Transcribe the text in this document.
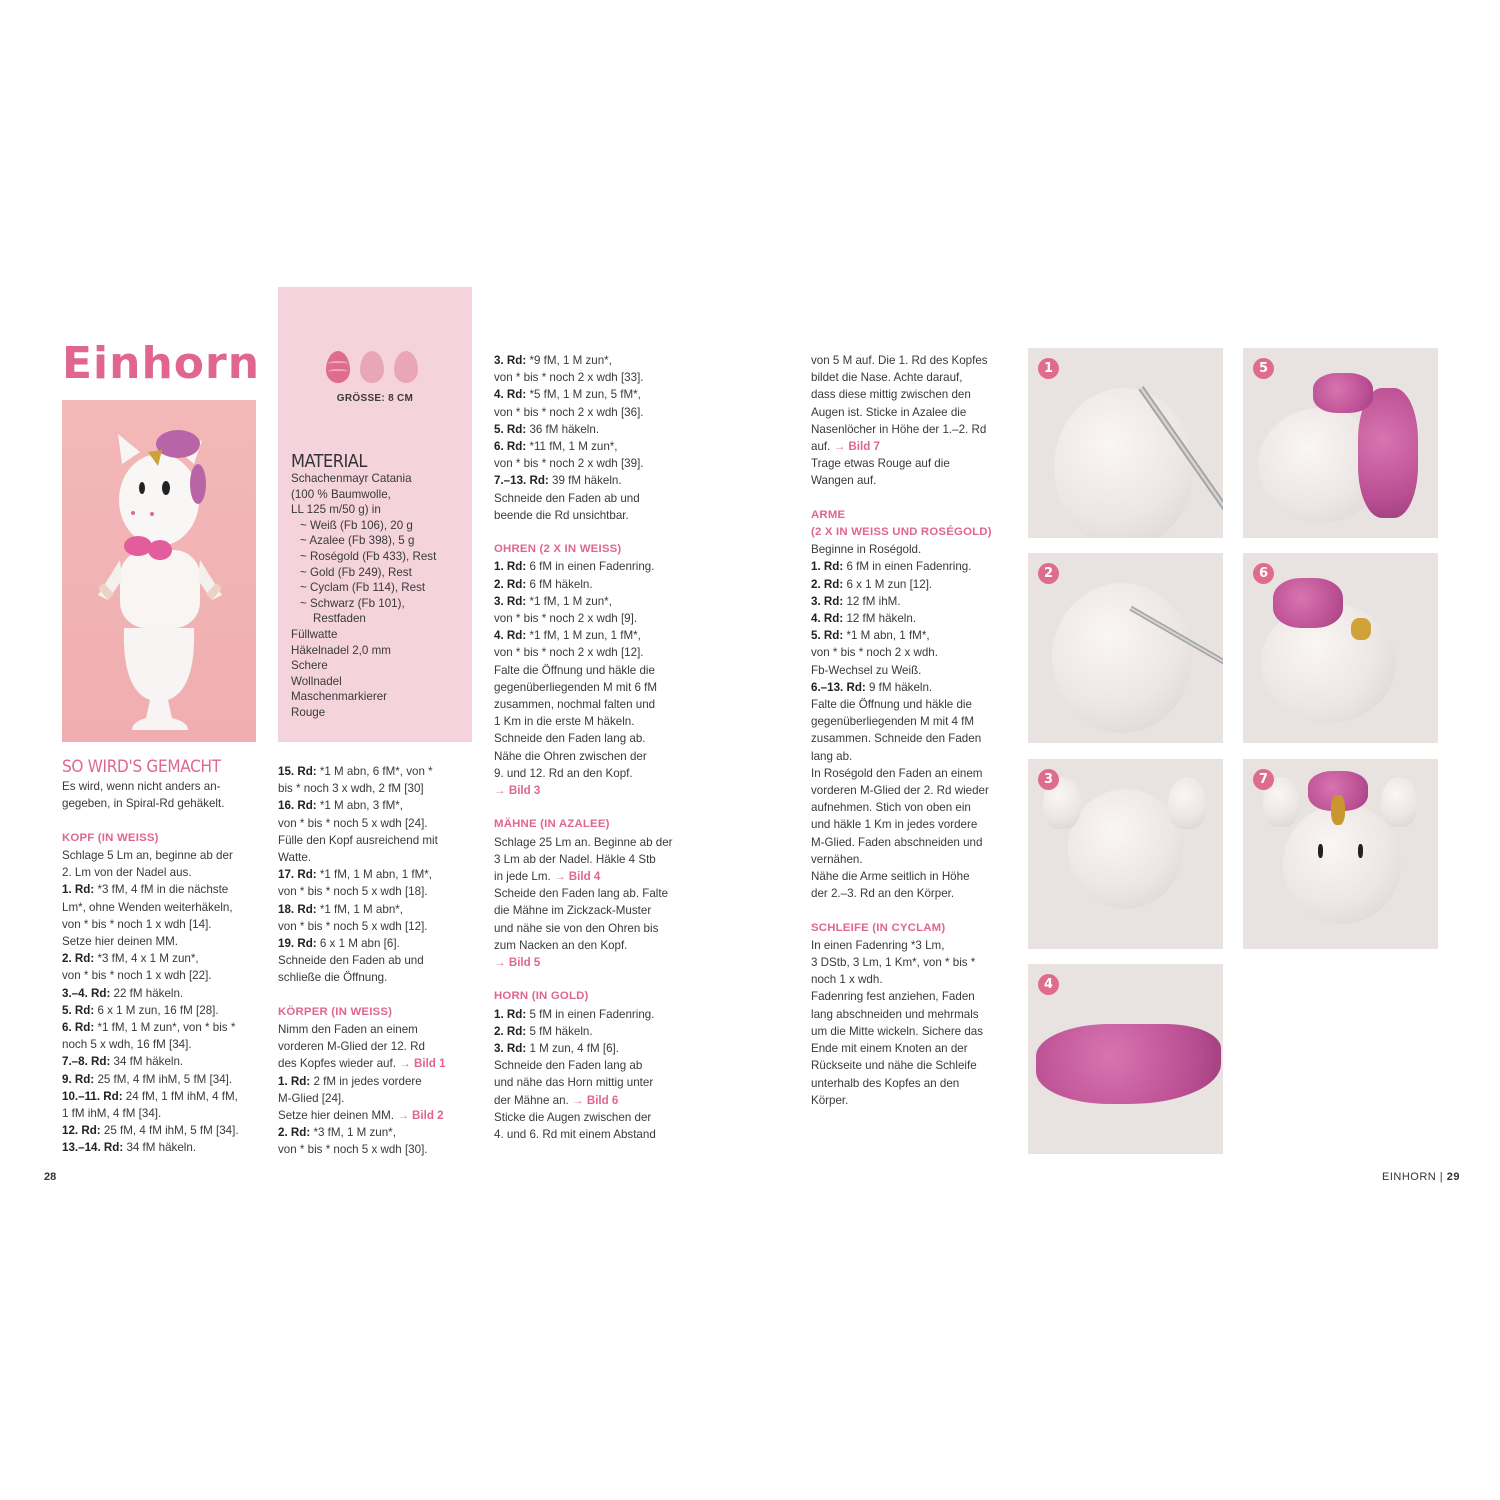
Einhorn
GRÖSSE: 8 CM
MATERIAL
Schachenmayr Catania
(100 % Baumwolle,
LL 125 m/50 g) in
~ Weiß (Fb 106), 20 g
~ Azalee (Fb 398), 5 g
~ Roségold (Fb 433), Rest
~ Gold (Fb 249), Rest
~ Cyclam (Fb 114), Rest
~ Schwarz (Fb 101),
Restfaden
Füllwatte
Häkelnadel 2,0 mm
Schere
Wollnadel
Maschenmarkierer
Rouge
SO WIRD'S GEMACHT

Es wird, wenn nicht anders an-

gegeben, in Spiral-Rd gehäkelt.

KOPF (IN WEISS)

Schlage 5 Lm an, beginne ab der

2. Lm von der Nadel aus.

1. Rd: *3 fM, 4 fM in die nächste

Lm*, ohne Wenden weiterhäkeln,

von * bis * noch 1 x wdh [14].

Setze hier deinen MM.

2. Rd: *3 fM, 4 x 1 M zun*,

von * bis * noch 1 x wdh [22].

3.–4. Rd: 22 fM häkeln.

5. Rd: 6 x 1 M zun, 16 fM [28].

6. Rd: *1 fM, 1 M zun*, von * bis *

noch 5 x wdh, 16 fM [34].

7.–8. Rd: 34 fM häkeln.

9. Rd: 25 fM, 4 fM ihM, 5 fM [34].

10.–11. Rd: 24 fM, 1 fM ihM, 4 fM,

1 fM ihM, 4 fM [34].

12. Rd: 25 fM, 4 fM ihM, 5 fM [34].

13.–14. Rd: 34 fM häkeln.

15. Rd: *1 M abn, 6 fM*, von *

bis * noch 3 x wdh, 2 fM [30]

16. Rd: *1 M abn, 3 fM*,

von * bis * noch 5 x wdh [24].

Fülle den Kopf ausreichend mit

Watte.

17. Rd: *1 fM, 1 M abn, 1 fM*,

von * bis * noch 5 x wdh [18].

18. Rd: *1 fM, 1 M abn*,

von * bis * noch 5 x wdh [12].

19. Rd: 6 x 1 M abn [6].

Schneide den Faden ab und

schließe die Öffnung.

KÖRPER (IN WEISS)

Nimm den Faden an einem

vorderen M-Glied der 12. Rd

des Kopfes wieder auf. → Bild 1

1. Rd: 2 fM in jedes vordere

M-Glied [24].

Setze hier deinen MM. → Bild 2

2. Rd: *3 fM, 1 M zun*,

von * bis * noch 5 x wdh [30].

3. Rd: *9 fM, 1 M zun*,

von * bis * noch 2 x wdh [33].

4. Rd: *5 fM, 1 M zun, 5 fM*,

von * bis * noch 2 x wdh [36].

5. Rd: 36 fM häkeln.

6. Rd: *11 fM, 1 M zun*,

von * bis * noch 2 x wdh [39].

7.–13. Rd: 39 fM häkeln.

Schneide den Faden ab und

beende die Rd unsichtbar.

OHREN (2 X IN WEISS)

1. Rd: 6 fM in einen Fadenring.

2. Rd: 6 fM häkeln.

3. Rd: *1 fM, 1 M zun*,

von * bis * noch 2 x wdh [9].

4. Rd: *1 fM, 1 M zun, 1 fM*,

von * bis * noch 2 x wdh [12].

Falte die Öffnung und häkle die

gegenüberliegenden M mit 6 fM

zusammen, nochmal falten und

1 Km in die erste M häkeln.

Schneide den Faden lang ab.

Nähe die Ohren zwischen der

9. und 12. Rd an den Kopf.

→ Bild 3

MÄHNE (IN AZALEE)

Schlage 25 Lm an. Beginne ab der

3 Lm ab der Nadel. Häkle 4 Stb

in jede Lm. → Bild 4

Scheide den Faden lang ab. Falte

die Mähne im Zickzack-Muster

und nähe sie von den Ohren bis

zum Nacken an den Kopf.

→ Bild 5

HORN (IN GOLD)

1. Rd: 5 fM in einen Fadenring.

2. Rd: 5 fM häkeln.

3. Rd: 1 M zun, 4 fM [6].

Schneide den Faden lang ab

und nähe das Horn mittig unter

der Mähne an. → Bild 6

Sticke die Augen zwischen der

4. und 6. Rd mit einem Abstand

von 5 M auf. Die 1. Rd des Kopfes

bildet die Nase. Achte darauf,

dass diese mittig zwischen den

Augen ist. Sticke in Azalee die

Nasenlöcher in Höhe der 1.–2. Rd

auf. → Bild 7

Trage etwas Rouge auf die

Wangen auf.

ARME

(2 X IN WEISS UND ROSÉGOLD)

Beginne in Roségold.

1. Rd: 6 fM in einen Fadenring.

2. Rd: 6 x 1 M zun [12].

3. Rd: 12 fM ihM.

4. Rd: 12 fM häkeln.

5. Rd: *1 M abn, 1 fM*,

von * bis * noch 2 x wdh.

Fb-Wechsel zu Weiß.

6.–13. Rd: 9 fM häkeln.

Falte die Öffnung und häkle die

gegenüberliegenden M mit 4 fM

zusammen. Schneide den Faden

lang ab.

In Roségold den Faden an einem

vorderen M-Glied der 2. Rd wieder

aufnehmen. Stich von oben ein

und häkle 1 Km in jedes vordere

M-Glied. Faden abschneiden und

vernähen.

Nähe die Arme seitlich in Höhe

der 2.–3. Rd an den Körper.

SCHLEIFE (IN CYCLAM)

In einen Fadenring *3 Lm,

3 DStb, 3 Lm, 1 Km*, von * bis *

noch 1 x wdh.

Fadenring fest anziehen, Faden

lang abschneiden und mehrmals

um die Mitte wickeln. Sichere das

Ende mit einem Knoten an der

Rückseite und nähe die Schleife

unterhalb des Kopfes an den

Körper.

1
2
3
4
5
6
7
28	EINHORN | 29
